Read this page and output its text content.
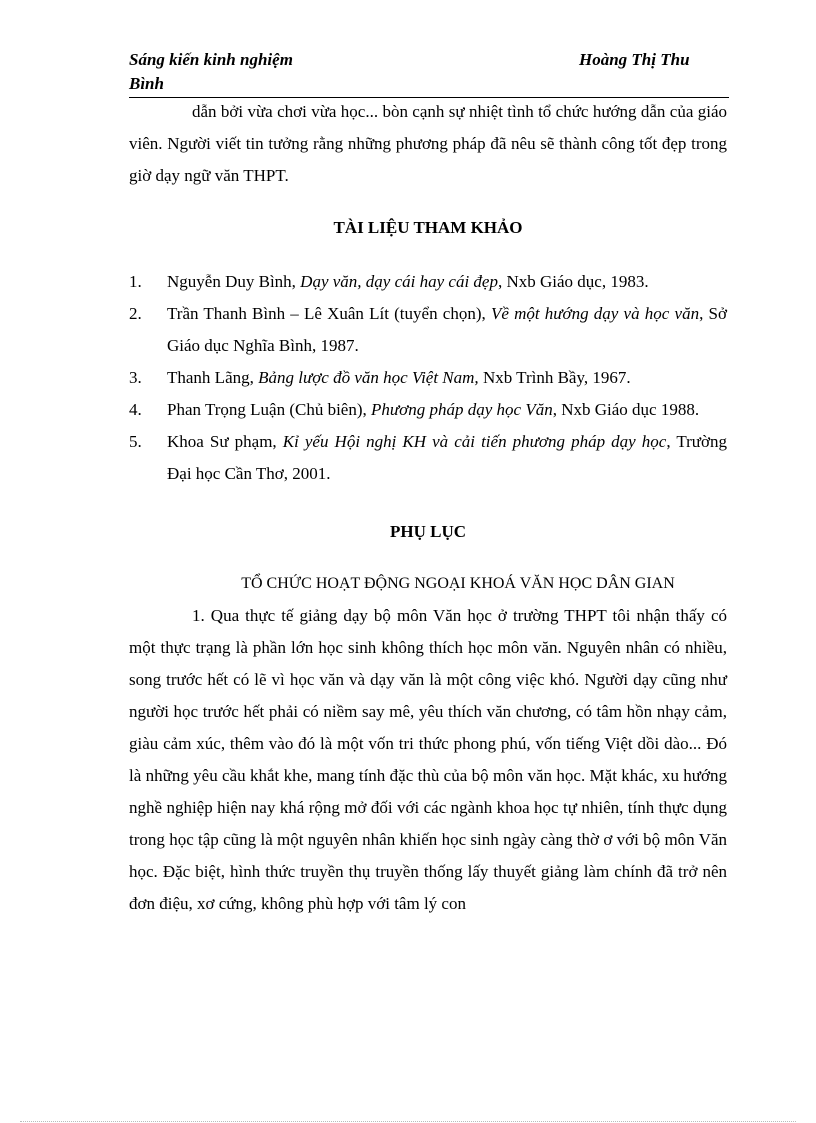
Sáng kiến kinh nghiệm	Hoàng Thị Thu
Bình

dẫn bởi vừa chơi vừa học... bòn cạnh sự nhiệt tình tổ chức hướng dẫn của giáo viên. Người viết tin tưởng rằng những phương pháp đã nêu sẽ thành công tốt đẹp trong giờ dạy ngữ văn THPT.

TÀI LIỆU THAM KHẢO

1. Nguyễn Duy Bình, Dạy văn, dạy cái hay cái đẹp, Nxb Giáo dục, 1983.
2. Trần Thanh Bình – Lê Xuân Lít (tuyển chọn), Về một hướng dạy và học văn, Sở Giáo dục Nghĩa Bình, 1987.
3. Thanh Lãng, Bảng lược đồ văn học Việt Nam, Nxb Trình Bầy, 1967.
4. Phan Trọng Luận (Chủ biên), Phương pháp dạy học Văn, Nxb Giáo dục 1988.
5. Khoa Sư phạm, Kỉ yếu Hội nghị KH và cải tiến phương pháp dạy học, Trường Đại học Cần Thơ, 2001.

PHỤ LỤC

TỔ CHỨC HOẠT ĐỘNG NGOẠI KHOÁ VĂN HỌC DÂN GIAN

1. Qua thực tế giảng dạy bộ môn Văn học ở trường THPT tôi nhận thấy có một thực trạng là phần lớn học sinh không thích học môn văn. Nguyên nhân có nhiều, song trước hết có lẽ vì học văn và dạy văn là một công việc khó. Người dạy cũng như người học trước hết phải có niềm say mê, yêu thích văn chương, có tâm hồn nhạy cảm, giàu cảm xúc, thêm vào đó là một vốn tri thức phong phú, vốn tiếng Việt dồi dào... Đó là những yêu cầu khắt khe, mang tính đặc thù của bộ môn văn học. Mặt khác, xu hướng nghề nghiệp hiện nay khá rộng mở đối với các ngành khoa học tự nhiên, tính thực dụng trong học tập cũng là một nguyên nhân khiến học sinh ngày càng thờ ơ với bộ môn Văn học. Đặc biệt, hình thức truyền thụ truyền thống lấy thuyết giảng làm chính đã trở nên đơn điệu, xơ cứng, không phù hợp với tâm lý con
